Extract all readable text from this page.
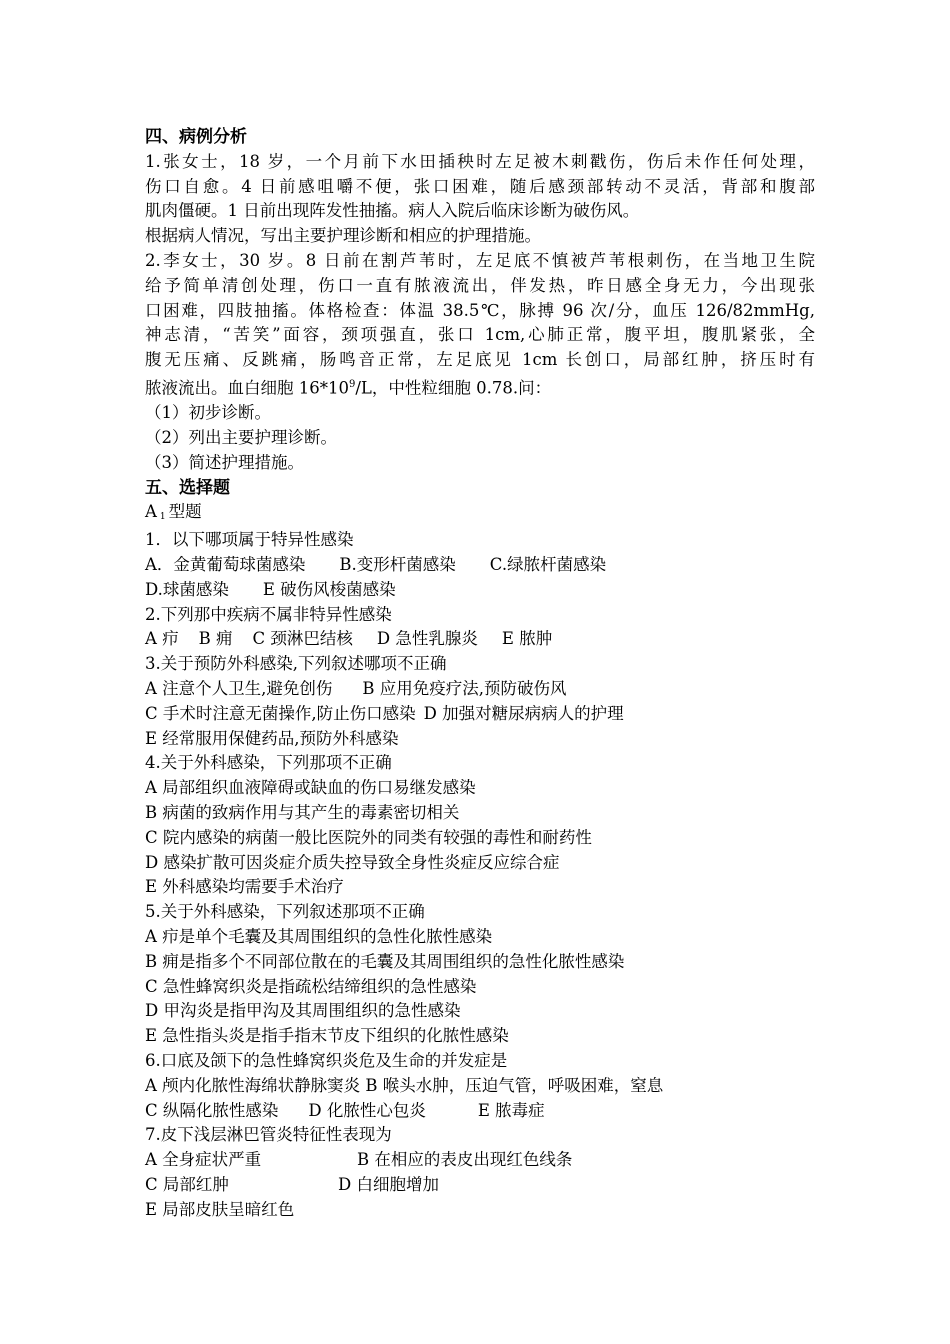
四、病例分析
1.张女士，18 岁，一个月前下水田插秧时左足被木刺戳伤，伤后未作任何处理，
伤口自愈。4 日前感咀嚼不便，张口困难，随后感颈部转动不灵活，背部和腹部
肌肉僵硬。1 日前出现阵发性抽搐。病人入院后临床诊断为破伤风。
根据病人情况，写出主要护理诊断和相应的护理措施。
2.李女士，30 岁。8 日前在割芦苇时，左足底不慎被芦苇根刺伤，在当地卫生院
给予简单清创处理，伤口一直有脓液流出，伴发热，昨日感全身无力，今出现张
口困难，四肢抽搐。体格检查：体温 38.5℃，脉搏 96 次/分，血压 126/82mmHg,
神志清，“苦笑”面容，颈项强直，张口 1cm,心肺正常，腹平坦，腹肌紧张，全
腹无压痛、反跳痛，肠鸣音正常，左足底见 1cm 长创口，局部红肿，挤压时有
脓液流出。血白细胞 $16*10^9/L$，中性粒细胞 0.78.问：
（1）初步诊断。
（2）列出主要护理诊断。
（3）简述护理措施。
五、选择题
A $_1$ 型题
1．以下哪项属于特异性感染
A．金黄葡萄球菌感染 B.变形杆菌感染 C.绿脓杆菌感染
D.球菌感染 E 破伤风梭菌感染
2.下列那中疾病不属非特异性感染
A 疖 B 痈 C 颈淋巴结核 D 急性乳腺炎 E 脓肿
3.关于预防外科感染,下列叙述哪项不正确
A 注意个人卫生,避免创伤 B 应用免疫疗法,预防破伤风
C 手术时注意无菌操作,防止伤口感染 D 加强对糖尿病病人的护理
E 经常服用保健药品,预防外科感染
4.关于外科感染，下列那项不正确
A 局部组织血液障碍或缺血的伤口易继发感染
B 病菌的致病作用与其产生的毒素密切相关
C 院内感染的病菌一般比医院外的同类有较强的毒性和耐药性
D 感染扩散可因炎症介质失控导致全身性炎症反应综合症
E 外科感染均需要手术治疗
5.关于外科感染，下列叙述那项不正确
A 疖是单个毛囊及其周围组织的急性化脓性感染
B 痈是指多个不同部位散在的毛囊及其周围组织的急性化脓性感染
C 急性蜂窝织炎是指疏松结缔组织的急性感染
D 甲沟炎是指甲沟及其周围组织的急性感染
E 急性指头炎是指手指末节皮下组织的化脓性感染
6.口底及颌下的急性蜂窝织炎危及生命的并发症是
A 颅内化脓性海绵状静脉窦炎 B 喉头水肿，压迫气管，呼吸困难，窒息
C 纵隔化脓性感染 D 化脓性心包炎	E 脓毒症
7.皮下浅层淋巴管炎特征性表现为
A 全身症状严重	B 在相应的表皮出现红色线条
C 局部红肿	D 白细胞增加
E 局部皮肤呈暗红色
